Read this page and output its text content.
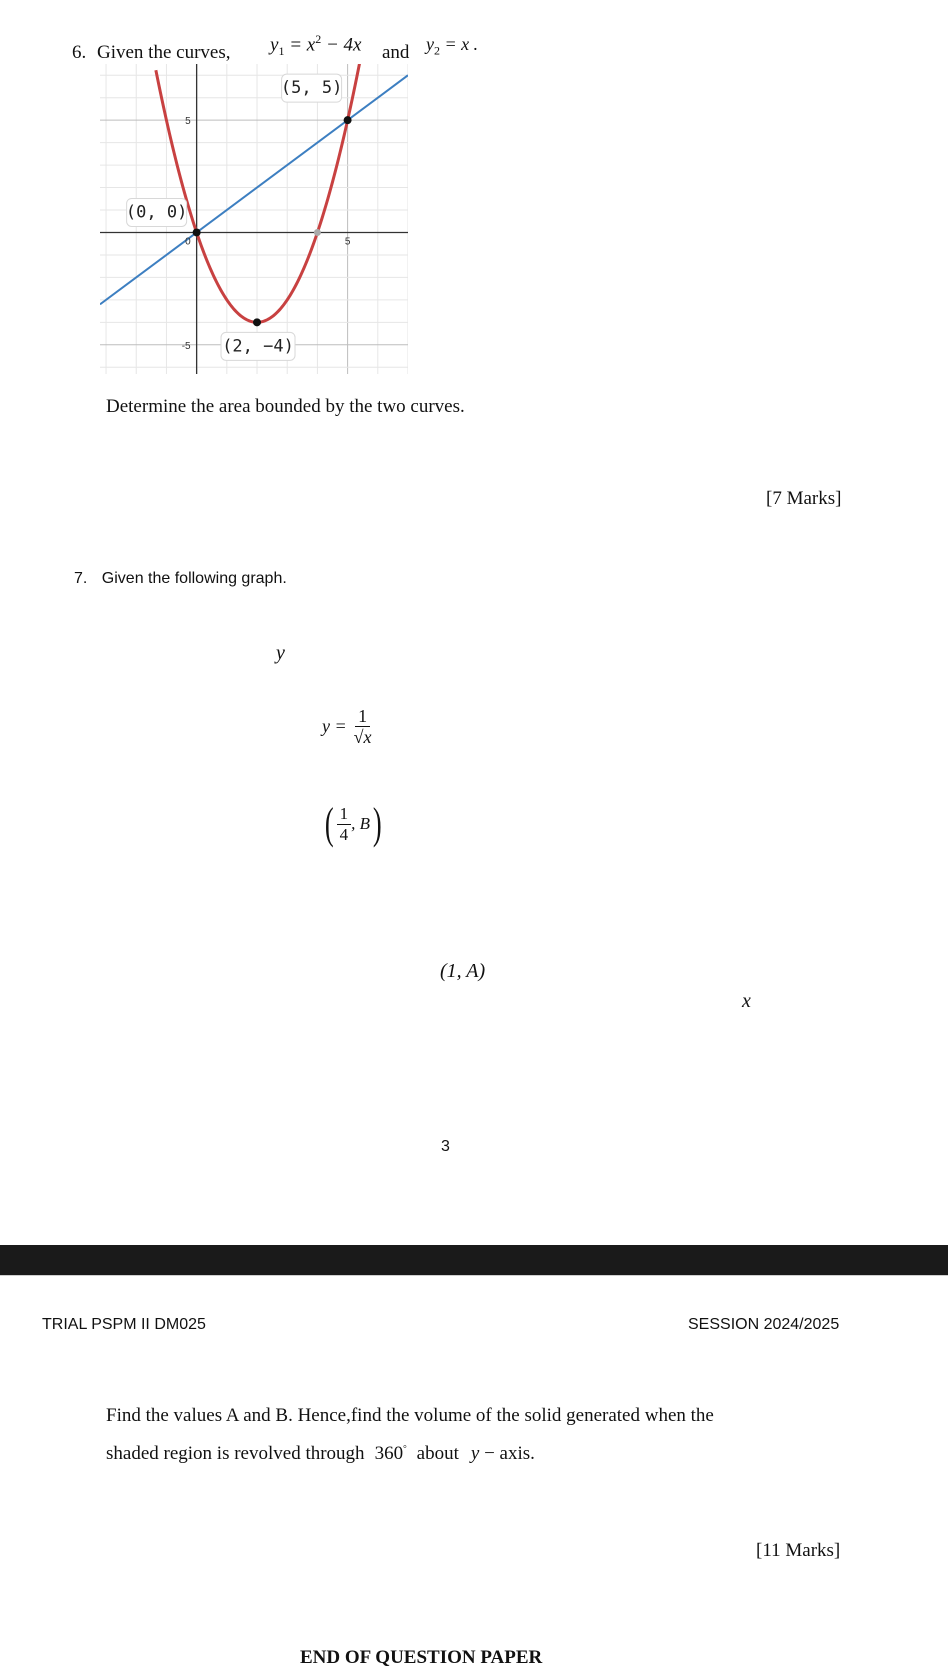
6. Given the curves, $y_1 = x^2 - 4x$ and $y_2 = x$ .
(5, 5)
(0, 0)
(2, −4)
0	5
5
-5
Determine the area bounded by the two curves.
[7 Marks]
7. Given the following graph.
y
$y = \frac{1}{√x}$
( $\frac{1}{4}$ , B )
(1, A)
x
3
TRIAL PSPM II DM025	SESSION 2024/2025
Find the values A and B. Hence,find the volume of the solid generated when the
shaded region is revolved through 360° about y − axis.
[11 Marks]
END OF QUESTION PAPER
